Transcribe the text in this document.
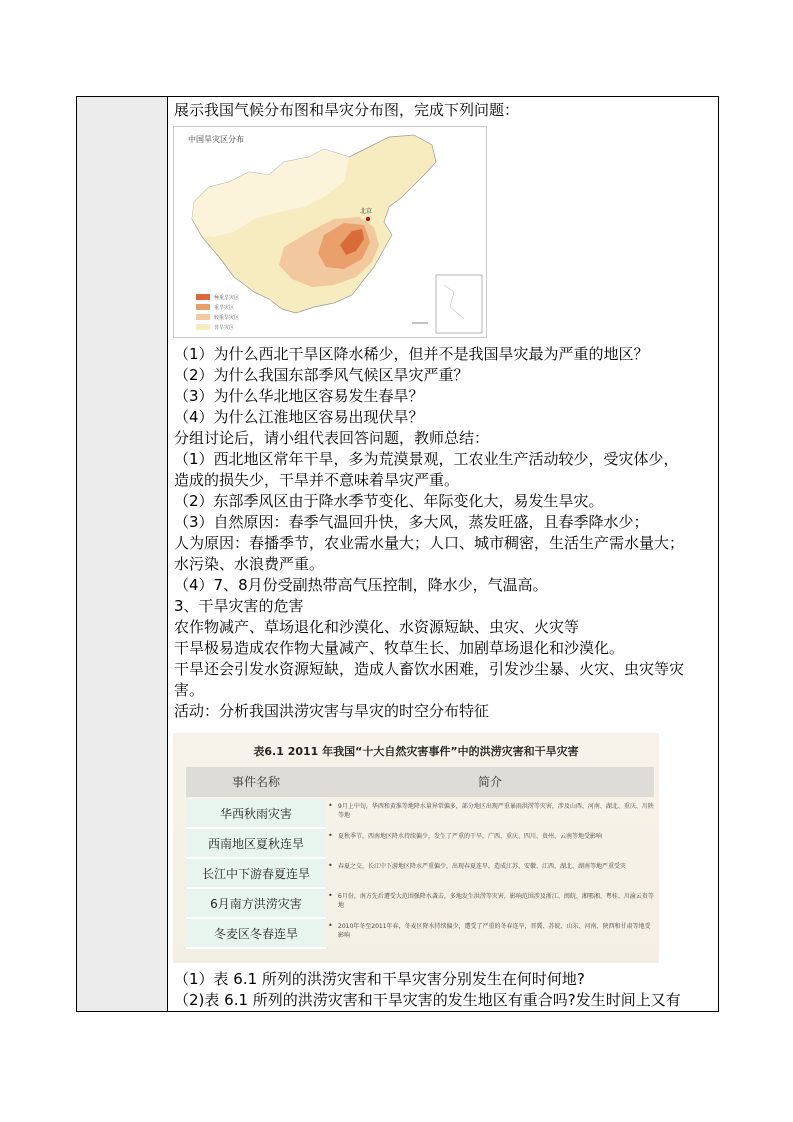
展示我国气候分布图和旱灾分布图，完成下列问题：
中国旱灾区分布
北京
極重旱灾区
重旱灾区
较重旱灾区
非旱灾区
（1）为什么西北干旱区降水稀少，但并不是我国旱灾最为严重的地区？
（2）为什么我国东部季风气候区旱灾严重？
（3）为什么华北地区容易发生春旱？
（4）为什么江淮地区容易出现伏旱？
分组讨论后，请小组代表回答问题，教师总结：
（1）西北地区常年干旱，多为荒漠景观，工农业生产活动较少，受灾体少，
造成的损失少，干旱并不意味着旱灾严重。
（2）东部季风区由于降水季节变化、年际变化大，易发生旱灾。
（3）自然原因：春季气温回升快，多大风，蒸发旺盛，且春季降水少；
人为原因：春播季节，农业需水量大；人口、城市稠密，生活生产需水量大；
水污染、水浪费严重。
（4）7、8月份受副热带高气压控制，降水少，气温高。
3、干旱灾害的危害
农作物减产、草场退化和沙漠化、水资源短缺、虫灾、火灾等
干旱极易造成农作物大量减产、牧草生长、加剧草场退化和沙漠化。
干旱还会引发水资源短缺，造成人畜饮水困难，引发沙尘暴、火灾、虫灾等灾
害。
活动：分析我国洪涝灾害与旱灾的时空分布特征
表6.1 2011 年我国“十大自然灾害事件”中的洪涝灾害和干旱灾害
事件名称	简介
华西秋雨灾害
• 9月上中旬，华西和黄淮等地降水量异常偏多，部分地区出现严重暴雨洪涝等灾害，涉及山西、河南、湖北、重庆、川陕等地
西南地区夏秋连旱
• 夏秋季节，西南地区降水持续偏少，发生了严重的干旱，广西、重庆、四川、贵州、云南等地受影响
长江中下游春夏连旱
• 春夏之交，长江中下游地区降水严重偏少，出现春夏连旱，造成江苏、安徽、江西、湖北、湖南等地严重受灾
6月南方洪涝灾害
• 6月份，南方先后遭受大范围强降水袭击，多地发生洪涝等灾害，影响范围涉及浙江、闽皖、湘鄂湘、粤桂、川渝云贵等地
冬麦区冬春连旱
• 2010年冬至2011年春，冬麦区降水持续偏少，遭受了严重的冬春连旱，晋冀、苏皖、山东、河南、陕西和甘肃等地受影响
（1）表 6.1 所列的洪涝灾害和干旱灾害分别发生在何时何地?
（2)表 6.1 所列的洪涝灾害和干旱灾害的发生地区有重合吗?发生时间上又有
